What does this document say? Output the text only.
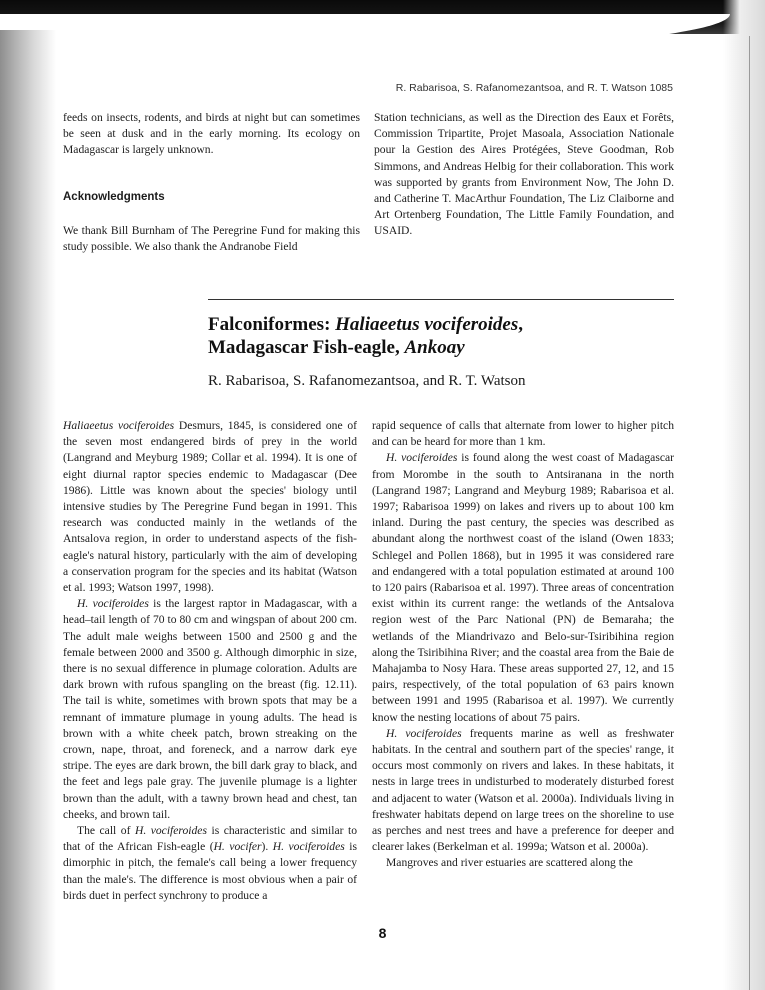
R. Rabarisoa, S. Rafanomezantsoa, and R. T. Watson 1085

feeds on insects, rodents, and birds at night but can sometimes be seen at dusk and in the early morning. Its ecology on Madagascar is largely unknown.

Acknowledgments

We thank Bill Burnham of The Peregrine Fund for making this study possible. We also thank the Andranobe Field

Station technicians, as well as the Direction des Eaux et Forêts, Commission Tripartite, Projet Masoala, Association Nationale pour la Gestion des Aires Protégées, Steve Goodman, Rob Simmons, and Andreas Helbig for their collaboration. This work was supported by grants from Environment Now, The John D. and Catherine T. MacArthur Foundation, The Liz Claiborne and Art Ortenberg Foundation, The Little Family Foundation, and USAID.

Falconiformes: Haliaeetus vociferoides,
Madagascar Fish-eagle, Ankoay
R. Rabarisoa, S. Rafanomezantsoa, and R. T. Watson

Haliaeetus vociferoides Desmurs, 1845, is considered one of the seven most endangered birds of prey in the world (Langrand and Meyburg 1989; Collar et al. 1994). It is one of eight diurnal raptor species endemic to Madagascar (Dee 1986). Little was known about the species' biology until intensive studies by The Peregrine Fund began in 1991. This research was conducted mainly in the wetlands of the Antsalova region, in order to understand aspects of the fish-eagle's natural history, particularly with the aim of developing a conservation program for the species and its habitat (Watson et al. 1993; Watson 1997, 1998).

H. vociferoides is the largest raptor in Madagascar, with a head–tail length of 70 to 80 cm and wingspan of about 200 cm. The adult male weighs between 1500 and 2500 g and the female between 2000 and 3500 g. Although dimorphic in size, there is no sexual difference in plumage coloration. Adults are dark brown with rufous spangling on the breast (fig. 12.11). The tail is white, sometimes with brown spots that may be a remnant of immature plumage in young adults. The head is brown with a white cheek patch, brown streaking on the crown, nape, throat, and foreneck, and a narrow dark eye stripe. The eyes are dark brown, the bill dark gray to black, and the feet and legs pale gray. The juvenile plumage is a lighter brown than the adult, with a tawny brown head and chest, tan cheeks, and brown tail.

The call of H. vociferoides is characteristic and similar to that of the African Fish-eagle (H. vocifer). H. vociferoides is dimorphic in pitch, the female's call being a lower frequency than the male's. The difference is most obvious when a pair of birds duet in perfect synchrony to produce a

rapid sequence of calls that alternate from lower to higher pitch and can be heard for more than 1 km.

H. vociferoides is found along the west coast of Madagascar from Morombe in the south to Antsiranana in the north (Langrand 1987; Langrand and Meyburg 1989; Rabarisoa et al. 1997; Rabarisoa 1999) on lakes and rivers up to about 100 km inland. During the past century, the species was described as abundant along the northwest coast of the island (Owen 1833; Schlegel and Pollen 1868), but in 1995 it was considered rare and endangered with a total population estimated at around 100 to 120 pairs (Rabarisoa et al. 1997). Three areas of concentration exist within its current range: the wetlands of the Antsalova region west of the Parc National (PN) de Bemaraha; the wetlands of the Miandrivazo and Belo-sur-Tsiribihina region along the Tsiribihina River; and the coastal area from the Baie de Mahajamba to Nosy Hara. These areas supported 27, 12, and 15 pairs, respectively, of the total population of 63 pairs known between 1991 and 1995 (Rabarisoa et al. 1997). We currently know the nesting locations of about 75 pairs.

H. vociferoides frequents marine as well as freshwater habitats. In the central and southern part of the species' range, it occurs most commonly on rivers and lakes. In these habitats, it nests in large trees in undisturbed to moderately disturbed forest and adjacent to water (Watson et al. 2000a). Individuals living in freshwater habitats depend on large trees on the shoreline to use as perches and nest trees and have a preference for deeper and clearer lakes (Berkelman et al. 1999a; Watson et al. 2000a).

Mangroves and river estuaries are scattered along the

8
